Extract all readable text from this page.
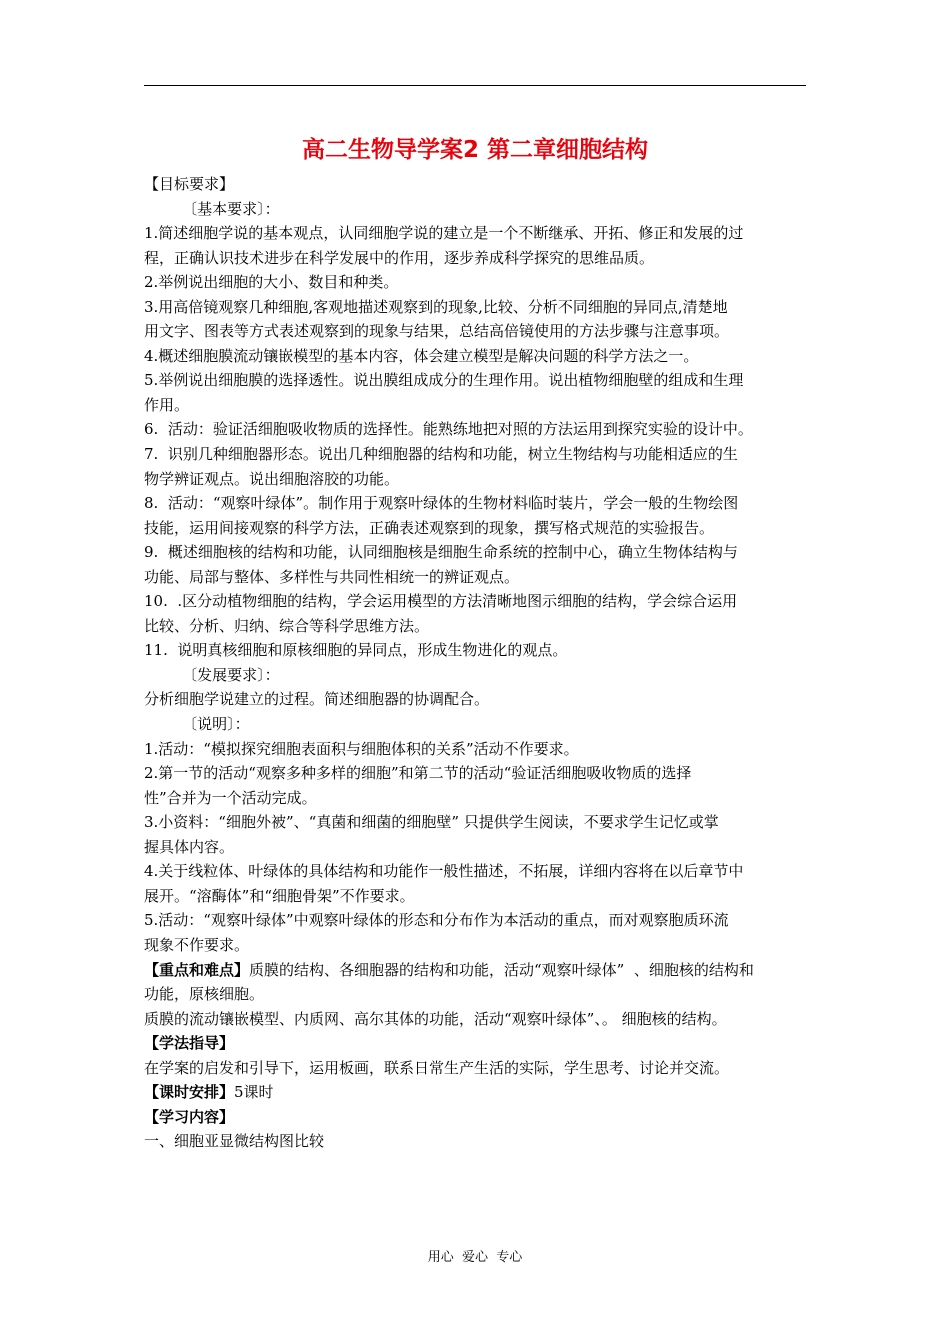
高二生物导学案2 第二章细胞结构

【目标要求】

〔基本要求〕：

1.简述细胞学说的基本观点，认同细胞学说的建立是一个不断继承、开拓、修正和发展的过

程，正确认识技术进步在科学发展中的作用，逐步养成科学探究的思维品质。

2.举例说出细胞的大小、数目和种类。

3.用高倍镜观察几种细胞,客观地描述观察到的现象,比较、分析不同细胞的异同点,清楚地

用文字、图表等方式表述观察到的现象与结果，总结高倍镜使用的方法步骤与注意事项。

4.概述细胞膜流动镶嵌模型的基本内容，体会建立模型是解决问题的科学方法之一。

5.举例说出细胞膜的选择透性。说出膜组成成分的生理作用。说出植物细胞壁的组成和生理

作用。

6.  活动：验证活细胞吸收物质的选择性。能熟练地把对照的方法运用到探究实验的设计中。

7.  识别几种细胞器形态。说出几种细胞器的结构和功能，树立生物结构与功能相适应的生

物学辨证观点。说出细胞溶胶的功能。

8.  活动：“观察叶绿体”。制作用于观察叶绿体的生物材料临时装片，学会一般的生物绘图

技能，运用间接观察的科学方法，正确表述观察到的现象，撰写格式规范的实验报告。

9.  概述细胞核的结构和功能，认同细胞核是细胞生命系统的控制中心，确立生物体结构与

功能、局部与整体、多样性与共同性相统一的辨证观点。

10.  .区分动植物细胞的结构，学会运用模型的方法清晰地图示细胞的结构，学会综合运用

比较、分析、归纳、综合等科学思维方法。

11.  说明真核细胞和原核细胞的异同点，形成生物进化的观点。

〔发展要求〕：

分析细胞学说建立的过程。简述细胞器的协调配合。

〔说明〕：

1.活动：“模拟探究细胞表面积与细胞体积的关系”活动不作要求。

2.第一节的活动“观察多种多样的细胞”和第二节的活动“验证活细胞吸收物质的选择

性”合并为一个活动完成。

3.小资料：“细胞外被”、“真菌和细菌的细胞壁” 只提供学生阅读，不要求学生记忆或掌

握具体内容。

4.关于线粒体、叶绿体的具体结构和功能作一般性描述，不拓展，详细内容将在以后章节中

展开。“溶酶体”和“细胞骨架”不作要求。

5.活动：“观察叶绿体”中观察叶绿体的形态和分布作为本活动的重点，而对观察胞质环流

现象不作要求。

【重点和难点】质膜的结构、各细胞器的结构和功能，活动“观察叶绿体”  、细胞核的结构和

功能，原核细胞。

质膜的流动镶嵌模型、内质网、高尔其体的功能，活动“观察叶绿体”、。 细胞核的结构。

【学法指导】

在学案的启发和引导下，运用板画，联系日常生产生活的实际，学生思考、讨论并交流。

【课时安排】5课时

【学习内容】

一、细胞亚显微结构图比较

用心  爱心  专心
